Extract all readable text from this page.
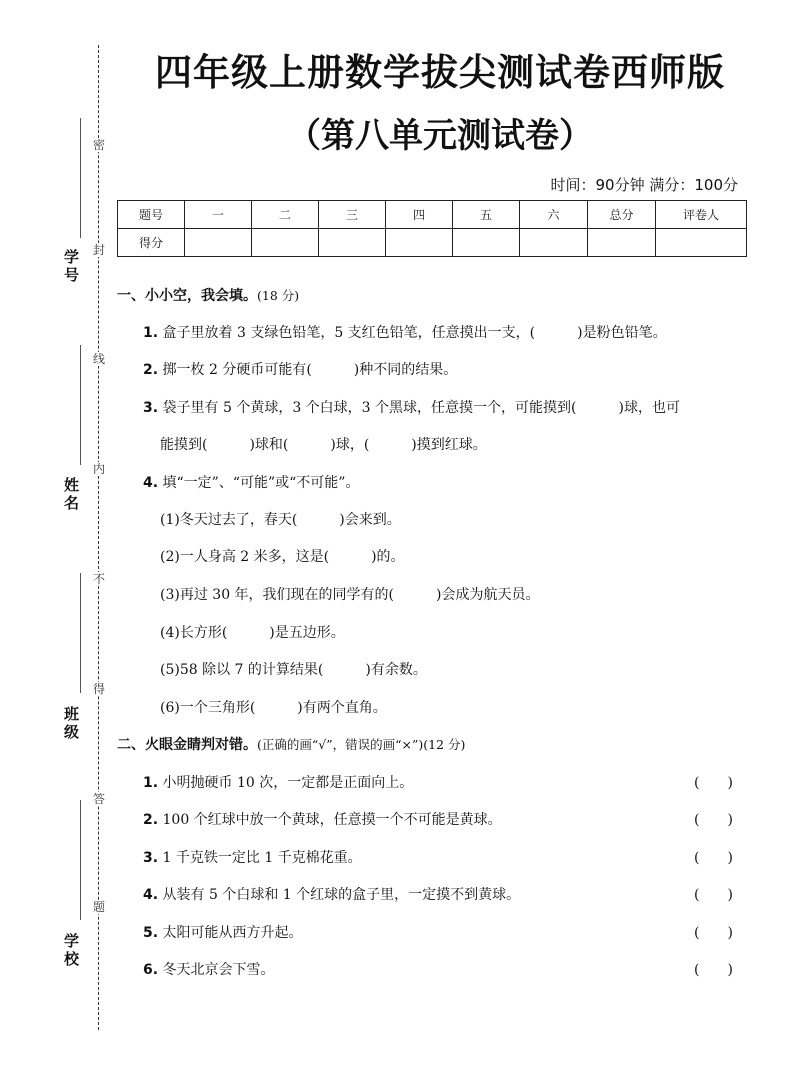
密
封
线
内
不
得
答
题
学号
姓名
班级
学校
四年级上册数学拔尖测试卷西师版
（第八单元测试卷）
时间：90分钟 满分：100分
题号	一	二	三	四	五	六	总分	评卷人
得分								
一、小小空，我会填。(18 分)
1. 盒子里放着 3 支绿色铅笔，5 支红色铅笔，任意摸出一支，(　　　)是粉色铅笔。
2. 掷一枚 2 分硬币可能有(　　　)种不同的结果。
3. 袋子里有 5 个黄球，3 个白球，3 个黑球，任意摸一个，可能摸到(　　　)球，也可
能摸到(　　　)球和(　　　)球，(　　　)摸到红球。
4. 填“一定”、“可能”或“不可能”。
(1)冬天过去了，春天(　　　)会来到。
(2)一人身高 2 米多，这是(　　　)的。
(3)再过 30 年，我们现在的同学有的(　　　)会成为航天员。
(4)长方形(　　　)是五边形。
(5)58 除以 7 的计算结果(　　　)有余数。
(6)一个三角形(　　　)有两个直角。
二、火眼金睛判对错。(正确的画“√”，错误的画“×”)(12 分)
1. 小明抛硬币 10 次，一定都是正面向上。	(　　)
2. 100 个红球中放一个黄球，任意摸一个不可能是黄球。	(　　)
3. 1 千克铁一定比 1 千克棉花重。	(　　)
4. 从装有 5 个白球和 1 个红球的盒子里，一定摸不到黄球。	(　　)
5. 太阳可能从西方升起。	(　　)
6. 冬天北京会下雪。	(　　)
